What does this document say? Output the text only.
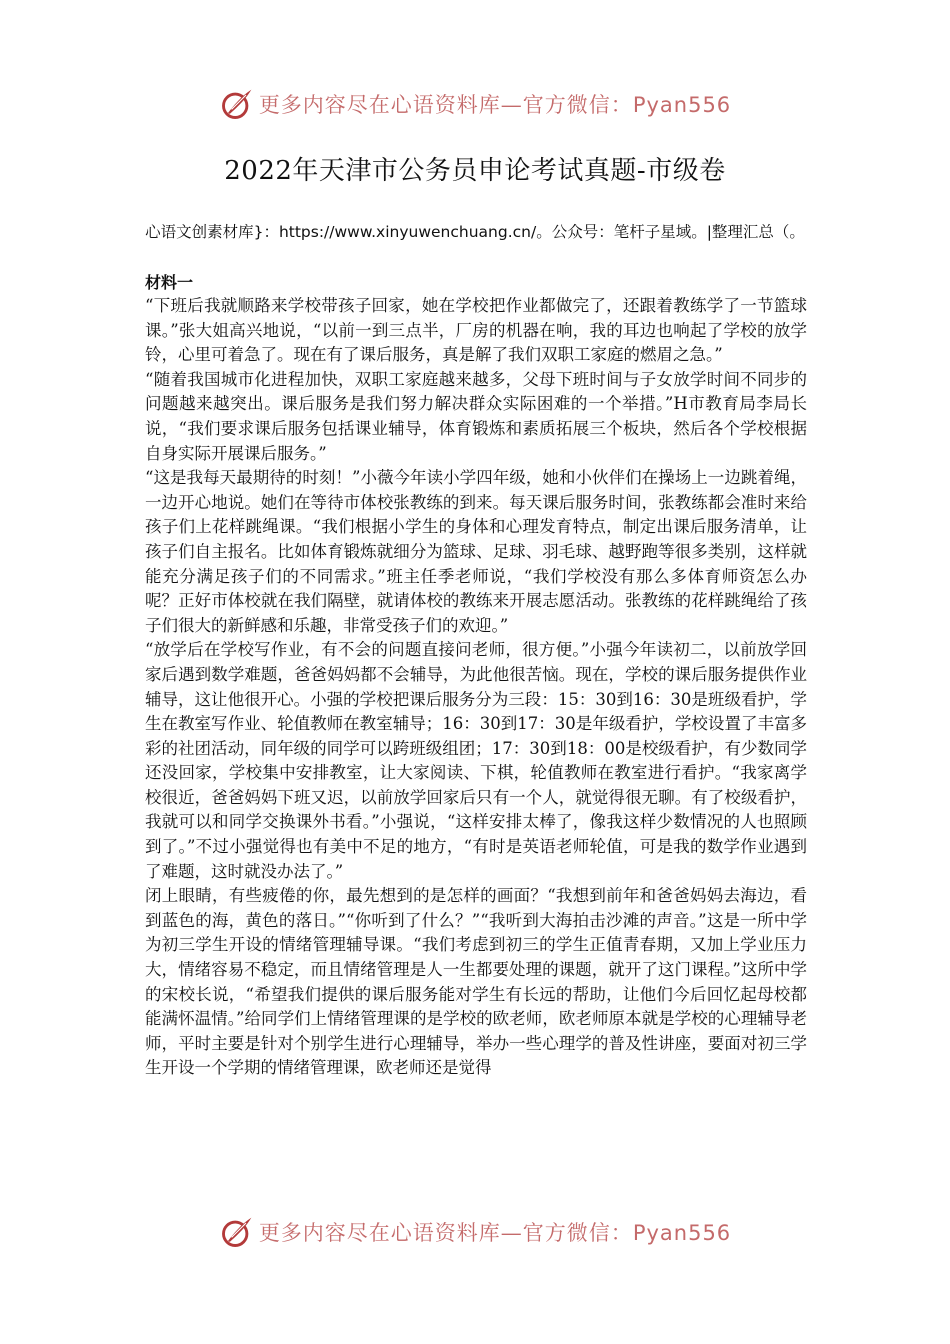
更多内容尽在心语资料库—官方微信：Pyan556
2022年天津市公务员申论考试真题-市级卷
心语文创素材库}：https://www.xinyuwenchuang.cn/。公众号：笔杆子星域。|整理汇总（。
材料一

“下班后我就顺路来学校带孩子回家，她在学校把作业都做完了，还跟着教练学了一节篮球课。”张大姐高兴地说，“以前一到三点半，厂房的机器在响，我的耳边也响起了学校的放学铃，心里可着急了。现在有了课后服务，真是解了我们双职工家庭的燃眉之急。”

“随着我国城市化进程加快，双职工家庭越来越多，父母下班时间与子女放学时间不同步的问题越来越突出。课后服务是我们努力解决群众实际困难的一个举措。”H市教育局李局长说，“我们要求课后服务包括课业辅导，体育锻炼和素质拓展三个板块，然后各个学校根据自身实际开展课后服务。”

“这是我每天最期待的时刻！”小薇今年读小学四年级，她和小伙伴们在操场上一边跳着绳，一边开心地说。她们在等待市体校张教练的到来。每天课后服务时间，张教练都会准时来给孩子们上花样跳绳课。“我们根据小学生的身体和心理发育特点，制定出课后服务清单，让孩子们自主报名。比如体育锻炼就细分为篮球、足球、羽毛球、越野跑等很多类别，这样就能充分满足孩子们的不同需求。”班主任季老师说，“我们学校没有那么多体育师资怎么办呢？正好市体校就在我们隔壁，就请体校的教练来开展志愿活动。张教练的花样跳绳给了孩子们很大的新鲜感和乐趣，非常受孩子们的欢迎。”

“放学后在学校写作业，有不会的问题直接问老师，很方便。”小强今年读初二，以前放学回家后遇到数学难题，爸爸妈妈都不会辅导，为此他很苦恼。现在，学校的课后服务提供作业辅导，这让他很开心。小强的学校把课后服务分为三段：15：30到16：30是班级看护，学生在教室写作业、轮值教师在教室辅导；16：30到17：30是年级看护，学校设置了丰富多彩的社团活动，同年级的同学可以跨班级组团；17：30到18：00是校级看护，有少数同学还没回家，学校集中安排教室，让大家阅读、下棋，轮值教师在教室进行看护。“我家离学校很近，爸爸妈妈下班又迟，以前放学回家后只有一个人，就觉得很无聊。有了校级看护，我就可以和同学交换课外书看。”小强说，“这样安排太棒了，像我这样少数情况的人也照顾到了。”不过小强觉得也有美中不足的地方，“有时是英语老师轮值，可是我的数学作业遇到了难题，这时就没办法了。”

闭上眼睛，有些疲倦的你，最先想到的是怎样的画面？“我想到前年和爸爸妈妈去海边，看到蓝色的海，黄色的落日。”“你听到了什么？”“我听到大海拍击沙滩的声音。”这是一所中学为初三学生开设的情绪管理辅导课。“我们考虑到初三的学生正值青春期，又加上学业压力大，情绪容易不稳定，而且情绪管理是人一生都要处理的课题，就开了这门课程。”这所中学的宋校长说，“希望我们提供的课后服务能对学生有长远的帮助，让他们今后回忆起母校都能满怀温情。”给同学们上情绪管理课的是学校的欧老师，欧老师原本就是学校的心理辅导老师，平时主要是针对个别学生进行心理辅导，举办一些心理学的普及性讲座，要面对初三学生开设一个学期的情绪管理课，欧老师还是觉得

更多内容尽在心语资料库—官方微信：Pyan556
